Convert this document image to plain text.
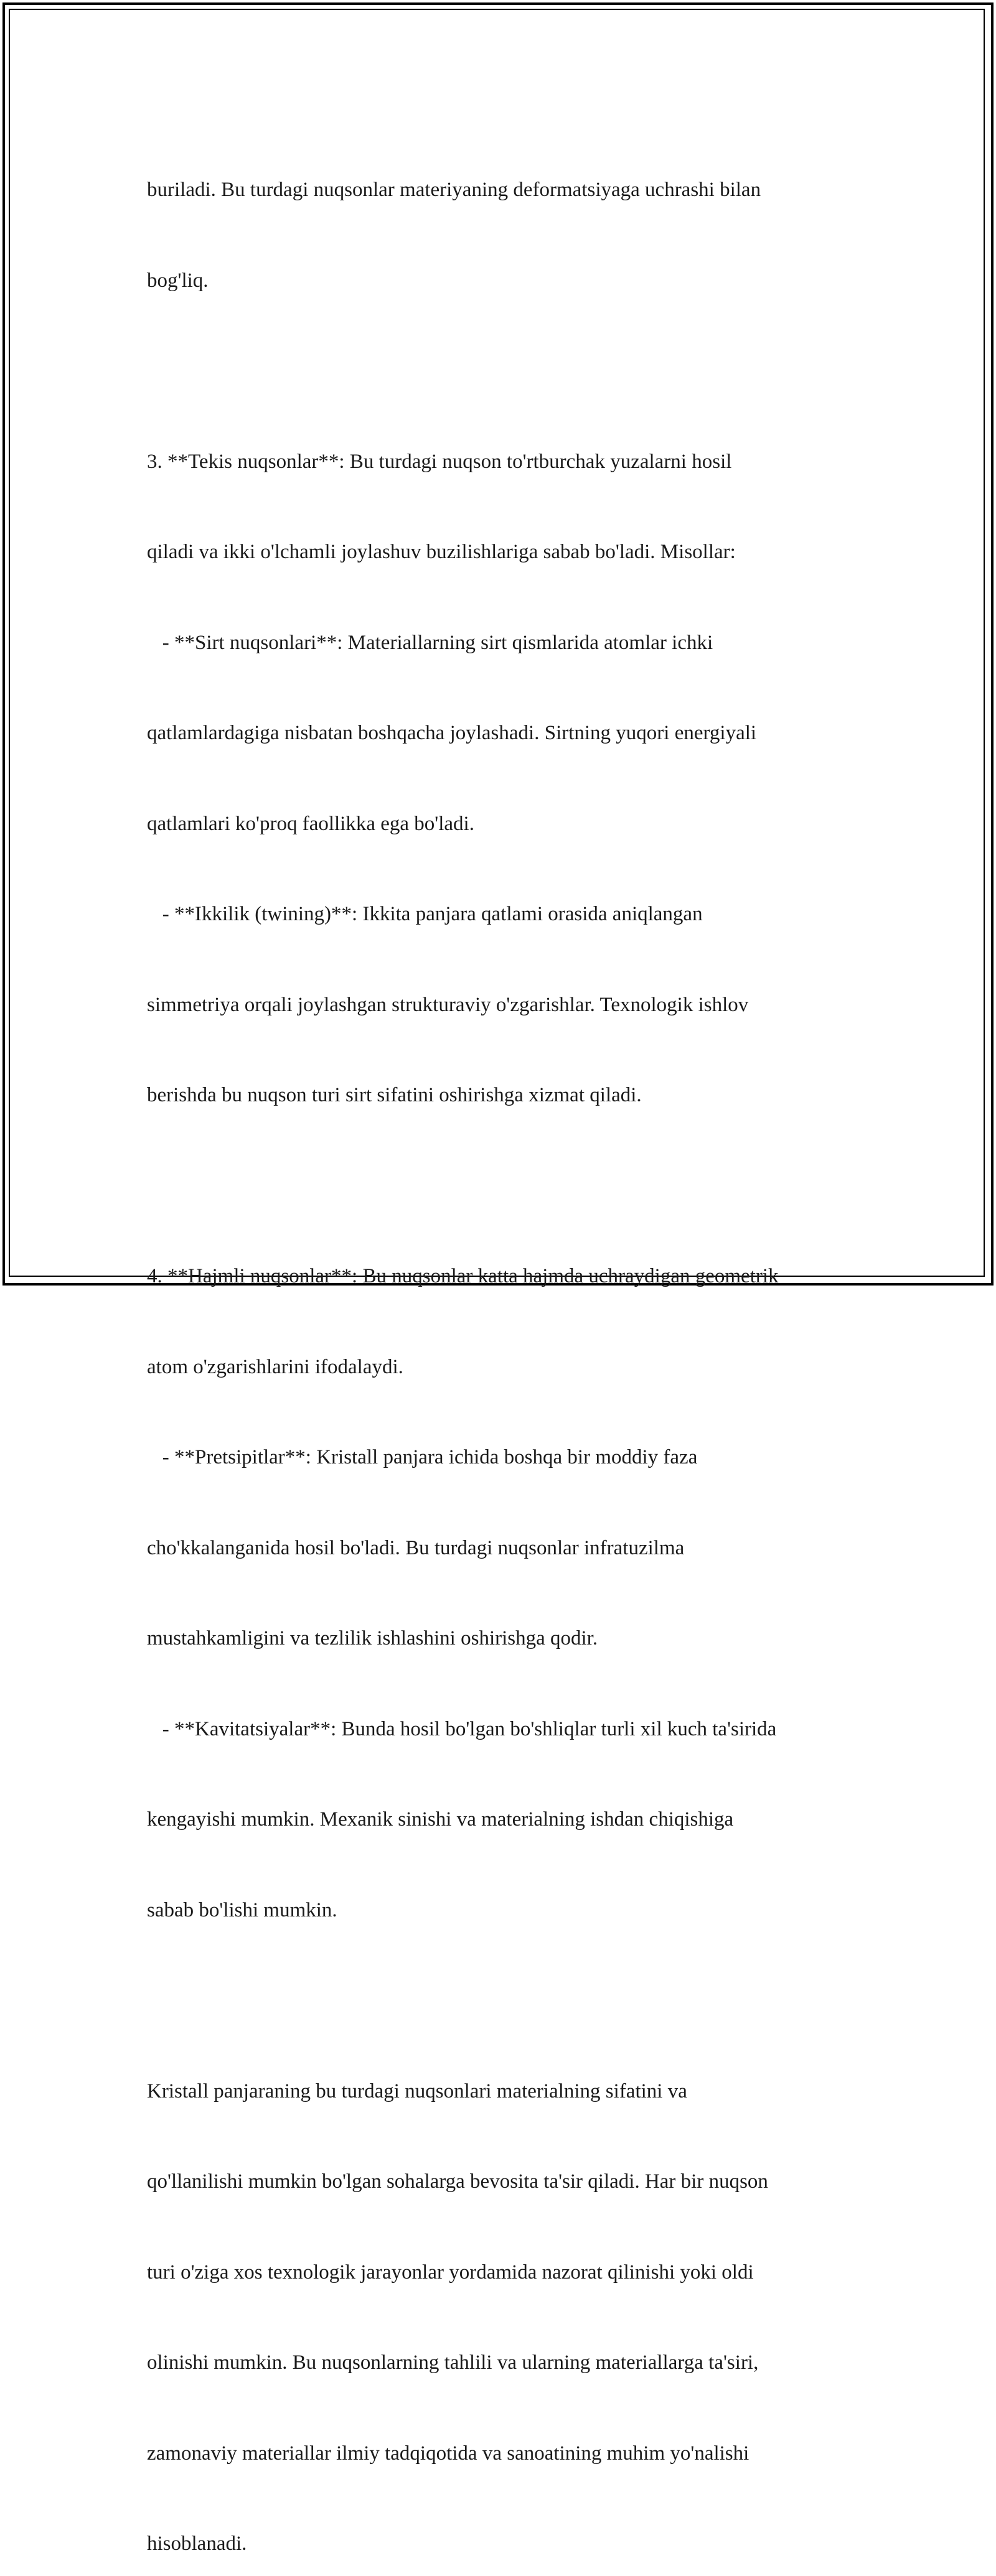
buriladi. Bu turdagi nuqsonlar materiyaning deformatsiyaga uchrashi bilan

bog'liq.

3. **Tekis nuqsonlar**: Bu turdagi nuqson to'rtburchak yuzalarni hosil

qiladi va ikki o'lchamli joylashuv buzilishlariga sabab bo'ladi. Misollar:

- **Sirt nuqsonlari**: Materiallarning sirt qismlarida atomlar ichki

qatlamlardagiga nisbatan boshqacha joylashadi. Sirtning yuqori energiyali

qatlamlari ko'proq faollikka ega bo'ladi.

- **Ikkilik (twining)**: Ikkita panjara qatlami orasida aniqlangan

simmetriya orqali joylashgan strukturaviy o'zgarishlar. Texnologik ishlov

berishda bu nuqson turi sirt sifatini oshirishga xizmat qiladi.

4. **Hajmli nuqsonlar**: Bu nuqsonlar katta hajmda uchraydigan geometrik

atom o'zgarishlarini ifodalaydi.

- **Pretsipitlar**: Kristall panjara ichida boshqa bir moddiy faza

cho'kkalanganida hosil bo'ladi. Bu turdagi nuqsonlar infratuzilma

mustahkamligini va tezlilik ishlashini oshirishga qodir.

- **Kavitatsiyalar**: Bunda hosil bo'lgan bo'shliqlar turli xil kuch ta'sirida

kengayishi mumkin. Mexanik sinishi va materialning ishdan chiqishiga

sabab bo'lishi mumkin.

Kristall panjaraning bu turdagi nuqsonlari materialning sifatini va

qo'llanilishi mumkin bo'lgan sohalarga bevosita ta'sir qiladi. Har bir nuqson

turi o'ziga xos texnologik jarayonlar yordamida nazorat qilinishi yoki oldi

olinishi mumkin. Bu nuqsonlarning tahlili va ularning materiallarga ta'siri,

zamonaviy materiallar ilmiy tadqiqotida va sanoatining muhim yo'nalishi

hisoblanadi.
